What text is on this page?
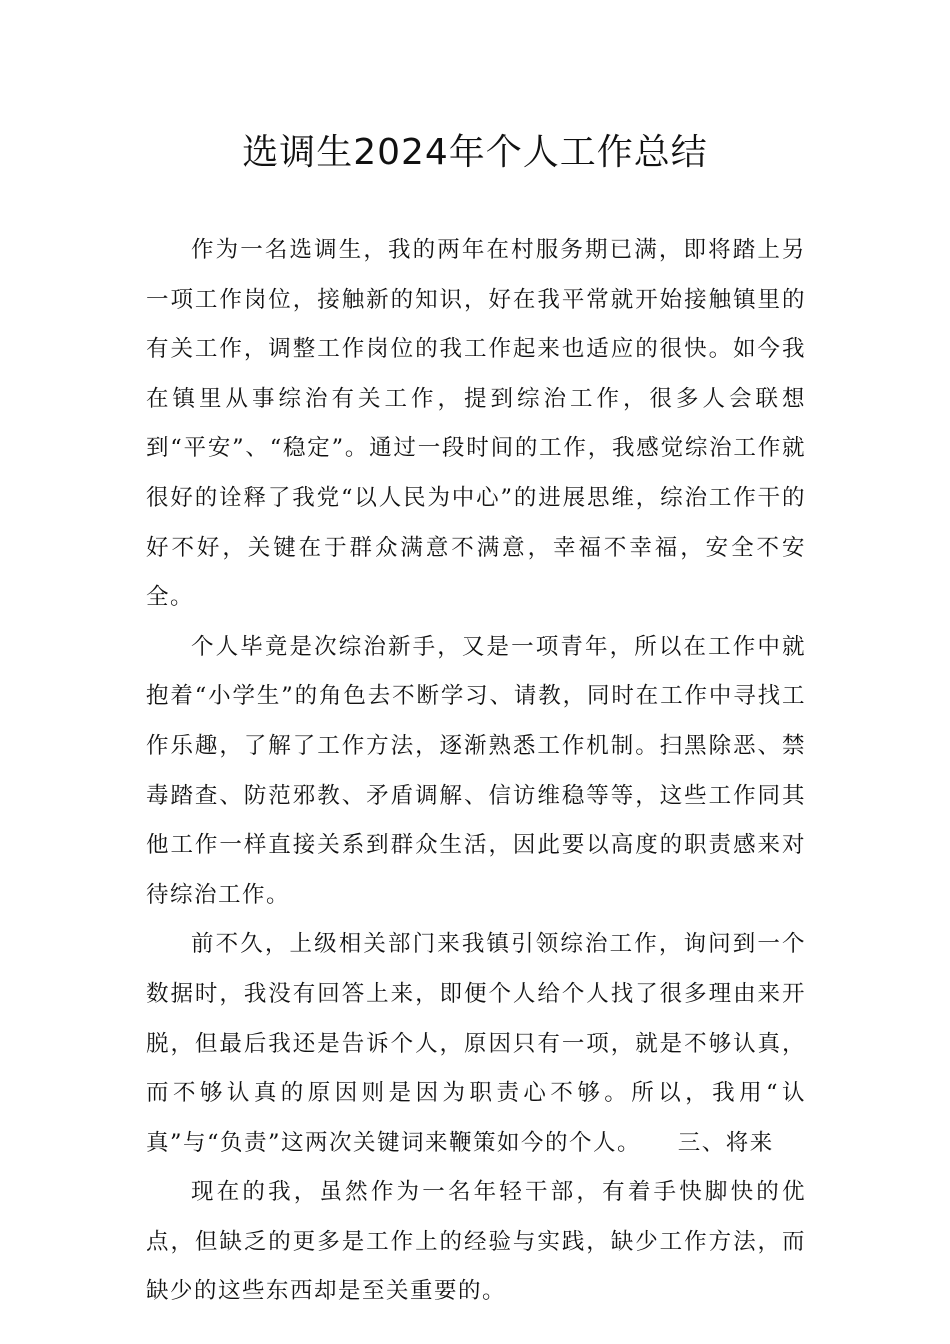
选调生2024年个人工作总结

作为一名选调生，我的两年在村服务期已满，即将踏上另一项工作岗位，接触新的知识，好在我平常就开始接触镇里的有关工作，调整工作岗位的我工作起来也适应的很快。如今我在镇里从事综治有关工作，提到综治工作，很多人会联想到“平安”、“稳定”。通过一段时间的工作，我感觉综治工作就很好的诠释了我党“以人民为中心”的进展思维，综治工作干的好不好，关键在于群众满意不满意，幸福不幸福，安全不安全。

个人毕竟是次综治新手，又是一项青年，所以在工作中就抱着“小学生”的角色去不断学习、请教，同时在工作中寻找工作乐趣，了解了工作方法，逐渐熟悉工作机制。扫黑除恶、禁毒踏查、防范邪教、矛盾调解、信访维稳等等，这些工作同其他工作一样直接关系到群众生活，因此要以高度的职责感来对待综治工作。

前不久，上级相关部门来我镇引领综治工作，询问到一个数据时，我没有回答上来，即便个人给个人找了很多理由来开脱，但最后我还是告诉个人，原因只有一项，就是不够认真，而不够认真的原因则是因为职责心不够。所以，我用“认真”与“负责”这两次关键词来鞭策如今的个人。　　三、将来

现在的我，虽然作为一名年轻干部，有着手快脚快的优点，但缺乏的更多是工作上的经验与实践，缺少工作方法，而缺少的这些东西却是至关重要的。
